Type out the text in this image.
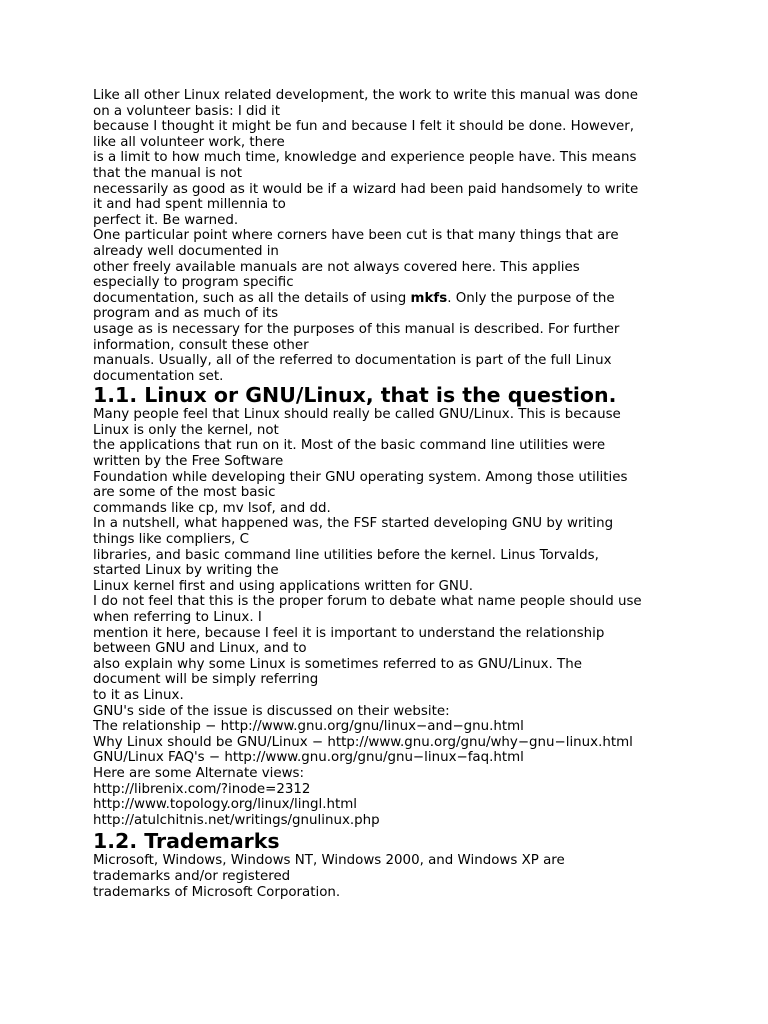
Like all other Linux related development, the work to write this manual was done
on a volunteer basis: I did it
because I thought it might be fun and because I felt it should be done. However,
like all volunteer work, there
is a limit to how much time, knowledge and experience people have. This means
that the manual is not
necessarily as good as it would be if a wizard had been paid handsomely to write
it and had spent millennia to
perfect it. Be warned.
One particular point where corners have been cut is that many things that are
already well documented in
other freely available manuals are not always covered here. This applies
especially to program specific
documentation, such as all the details of using mkfs. Only the purpose of the
program and as much of its
usage as is necessary for the purposes of this manual is described. For further
information, consult these other
manuals. Usually, all of the referred to documentation is part of the full Linux
documentation set.
1.1. Linux or GNU/Linux, that is the question.
Many people feel that Linux should really be called GNU/Linux. This is because
Linux is only the kernel, not
the applications that run on it. Most of the basic command line utilities were
written by the Free Software
Foundation while developing their GNU operating system. Among those utilities
are some of the most basic
commands like cp, mv lsof, and dd.
In a nutshell, what happened was, the FSF started developing GNU by writing
things like compliers, C
libraries, and basic command line utilities before the kernel. Linus Torvalds,
started Linux by writing the
Linux kernel first and using applications written for GNU.
I do not feel that this is the proper forum to debate what name people should use
when referring to Linux. I
mention it here, because I feel it is important to understand the relationship
between GNU and Linux, and to
also explain why some Linux is sometimes referred to as GNU/Linux. The
document will be simply referring
to it as Linux.
GNU's side of the issue is discussed on their website:
The relationship − http://www.gnu.org/gnu/linux−and−gnu.html
Why Linux should be GNU/Linux − http://www.gnu.org/gnu/why−gnu−linux.html
GNU/Linux FAQ's − http://www.gnu.org/gnu/gnu−linux−faq.html
Here are some Alternate views:
http://librenix.com/?inode=2312
http://www.topology.org/linux/lingl.html
http://atulchitnis.net/writings/gnulinux.php
1.2. Trademarks
Microsoft, Windows, Windows NT, Windows 2000, and Windows XP are
trademarks and/or registered
trademarks of Microsoft Corporation.
